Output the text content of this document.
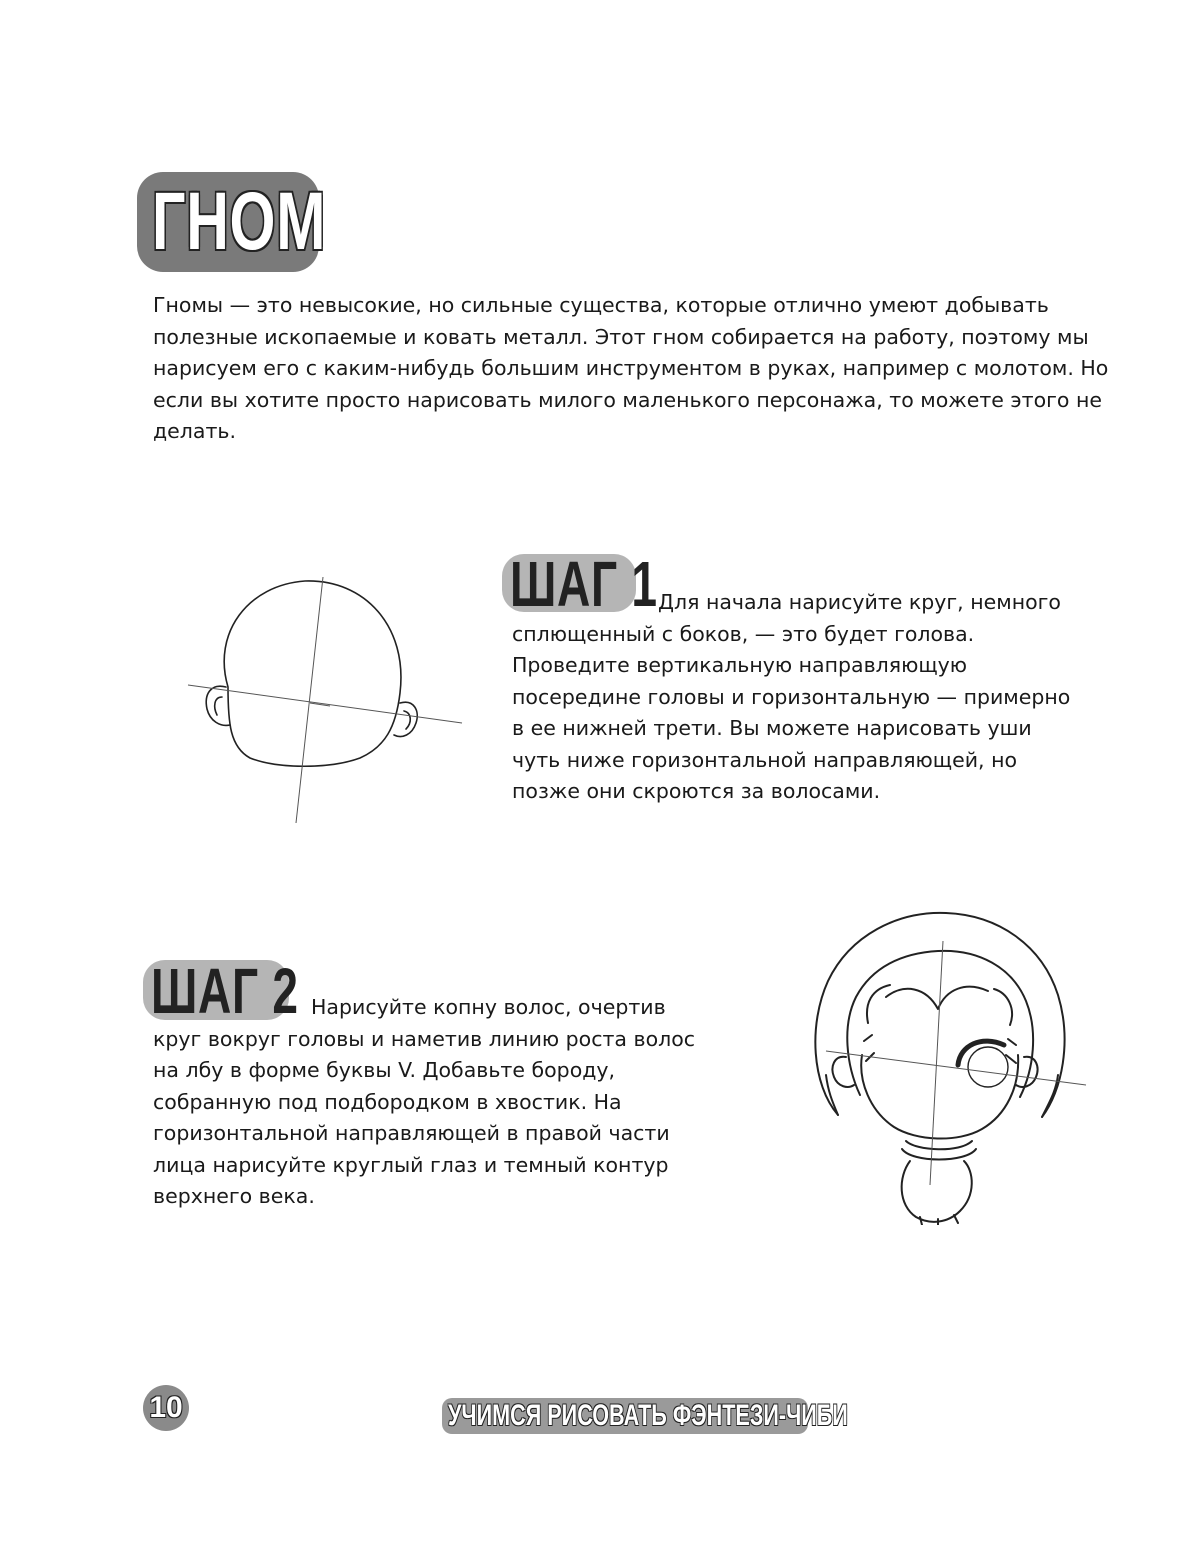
ГНОМ

Гномы — это невысокие, но сильные существа, которые отлично умеют добывать полезные ископаемые и ковать металл. Этот гном собирается на работу, поэтому мы нарисуем его с каким-нибудь большим инструментом в руках, например с молотом. Но если вы хотите просто нарисовать милого маленького персонажа, то можете этого не делать.

ШАГ 1 Для начала нарисуйте круг, немного сплющенный с боков, — это будет голова. Проведите вертикальную направляющую посередине головы и горизонтальную — примерно в ее нижней трети. Вы можете нарисовать уши чуть ниже горизонтальной направляющей, но позже они скроются за волосами.

ШАГ 2 Нарисуйте копну волос, очертив круг вокруг головы и наметив линию роста волос на лбу в форме буквы V. Добавьте бороду, собранную под подбородком в хвостик. На горизонтальной направляющей в правой части лица нарисуйте круглый глаз и темный контур верхнего века.

10	УЧИМСЯ РИСОВАТЬ ФЭНТЕЗИ-ЧИБИ
